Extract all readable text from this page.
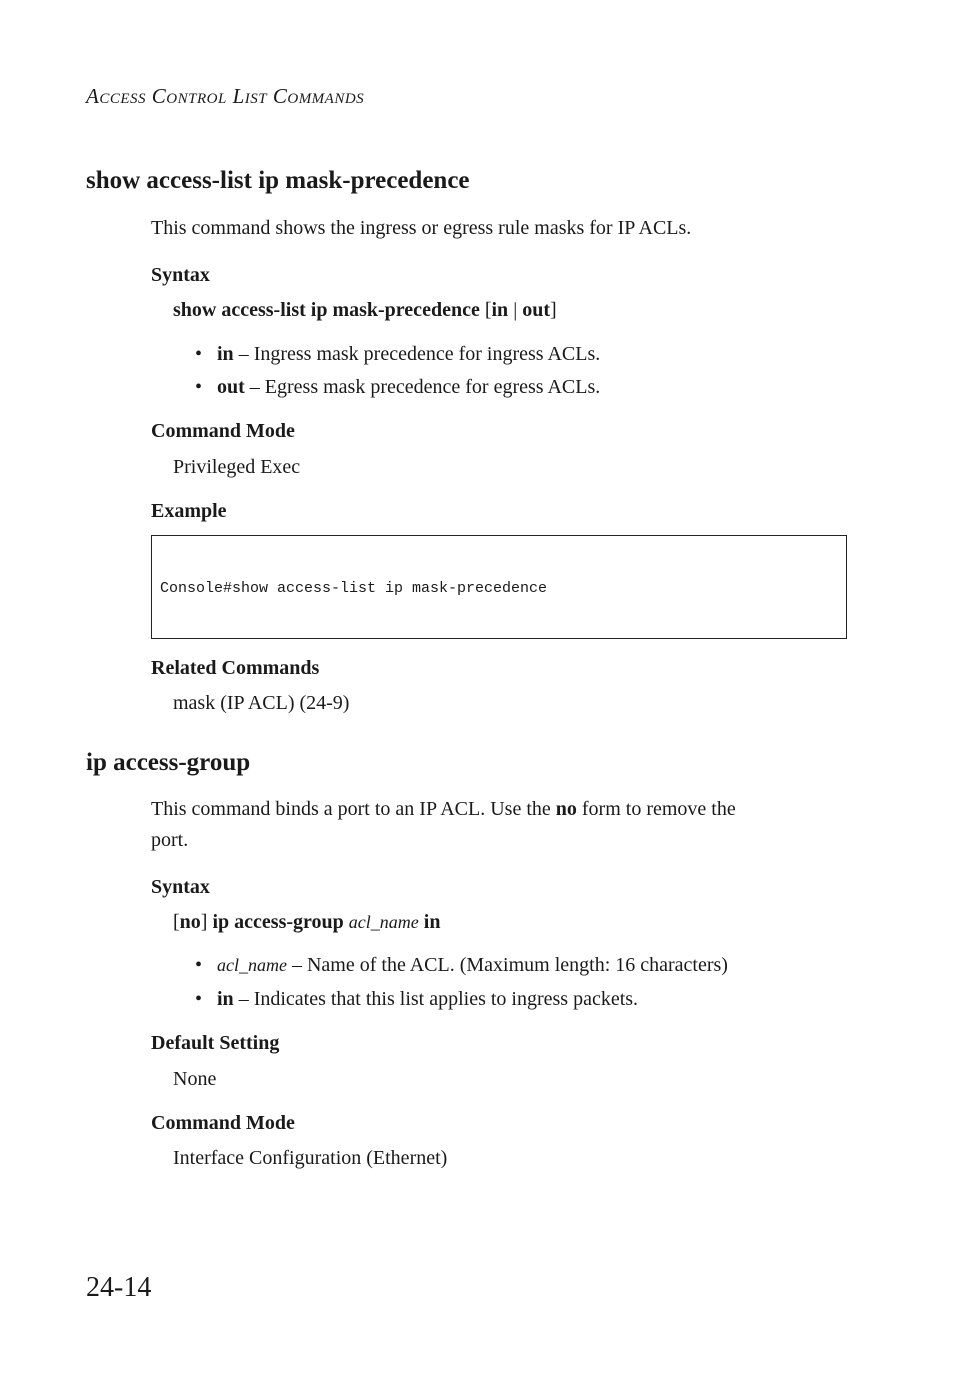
ACCESS CONTROL LIST COMMANDS
show access-list ip mask-precedence
This command shows the ingress or egress rule masks for IP ACLs.
Syntax
show access-list ip mask-precedence [in | out]
• in – Ingress mask precedence for ingress ACLs.
• out – Egress mask precedence for egress ACLs.
Command Mode
Privileged Exec
Example

Console#show access-list ip mask-precedence

Related Commands
mask (IP ACL) (24-9)
ip access-group
This command binds a port to an IP ACL. Use the no form to remove the
port.
Syntax
[no] ip access-group acl_name in
• acl_name – Name of the ACL. (Maximum length: 16 characters)
• in – Indicates that this list applies to ingress packets.
Default Setting
None
Command Mode
Interface Configuration (Ethernet)
24-14
